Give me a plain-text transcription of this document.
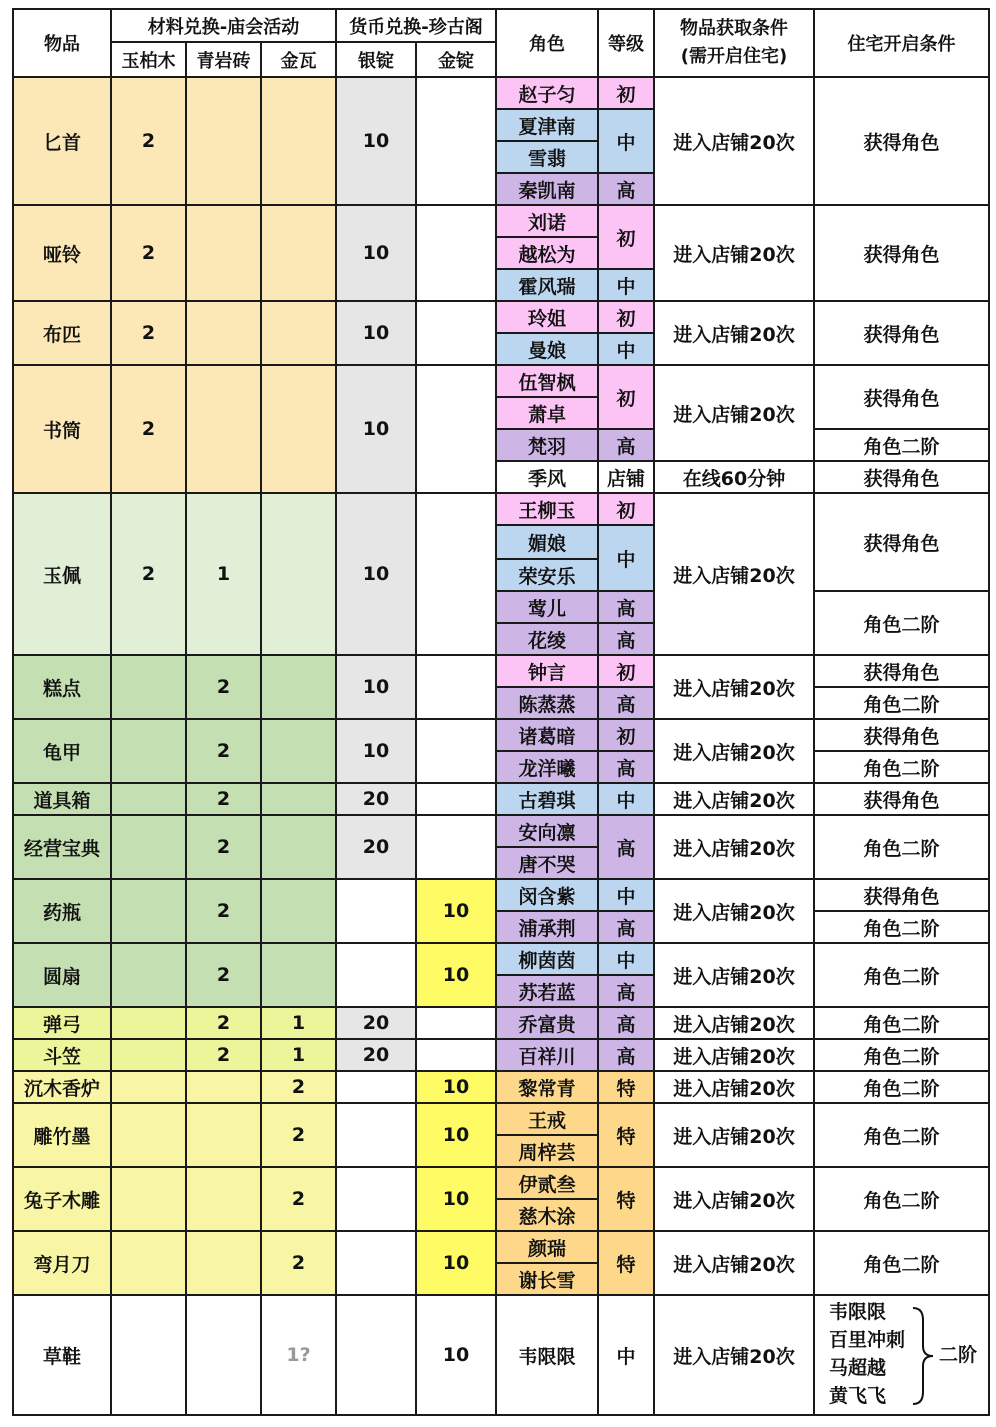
物品	材料兑换-庙会活动			货币兑换-珍古阁		角色	等级	物品获取条件
(需开启住宅)	住宅开启条件
	玉柏木	青岩砖	金瓦	银锭	金锭				
匕首	2			10		赵子匀	初	进入店铺20次	获得角色
						夏津南	中		
						雪翡			
						秦凯南	高		
哑铃	2			10		刘诺	初	进入店铺20次	获得角色
						越松为			
						霍风瑞	中		
布匹	2			10		玲姐	初	进入店铺20次	获得角色
						曼娘	中		
书筒	2			10		伍智枫	初	进入店铺20次	获得角色
						萧卓			
						梵羽	高		角色二阶
						季风	店铺	在线60分钟	获得角色
玉佩	2	1		10		王柳玉	初	进入店铺20次	获得角色
						媚娘	中		
						荣安乐			
						莺儿	高		角色二阶
						花绫	高		
糕点		2		10		钟言	初	进入店铺20次	获得角色
						陈蒸蒸	高		角色二阶
龟甲		2		10		诸葛暗	初	进入店铺20次	获得角色
						龙洋曦	高		角色二阶
道具箱		2		20		古碧琪	中	进入店铺20次	获得角色
经营宝典		2		20		安向凛	高	进入店铺20次	角色二阶
						唐不哭			
药瓶		2			10	闵含紫	中	进入店铺20次	获得角色
						浦承荆	高		角色二阶
圆扇		2			10	柳茵茵	中	进入店铺20次	角色二阶
						苏若蓝	高		
弹弓		2	1	20		乔富贵	高	进入店铺20次	角色二阶
斗笠		2	1	20		百祥川	高	进入店铺20次	角色二阶
沉木香炉			2		10	黎常青	特	进入店铺20次	角色二阶
雕竹墨			2		10	王戒	特	进入店铺20次	角色二阶
						周梓芸			
兔子木雕			2		10	伊贰叁	特	进入店铺20次	角色二阶
						慈木涂			
弯月刀			2		10	颜瑞	特	进入店铺20次	角色二阶
						谢长雪			
草鞋			1?		10	韦限限	中	进入店铺20次	韦限限
百里冲刺
马超越
黄飞飞
二阶
